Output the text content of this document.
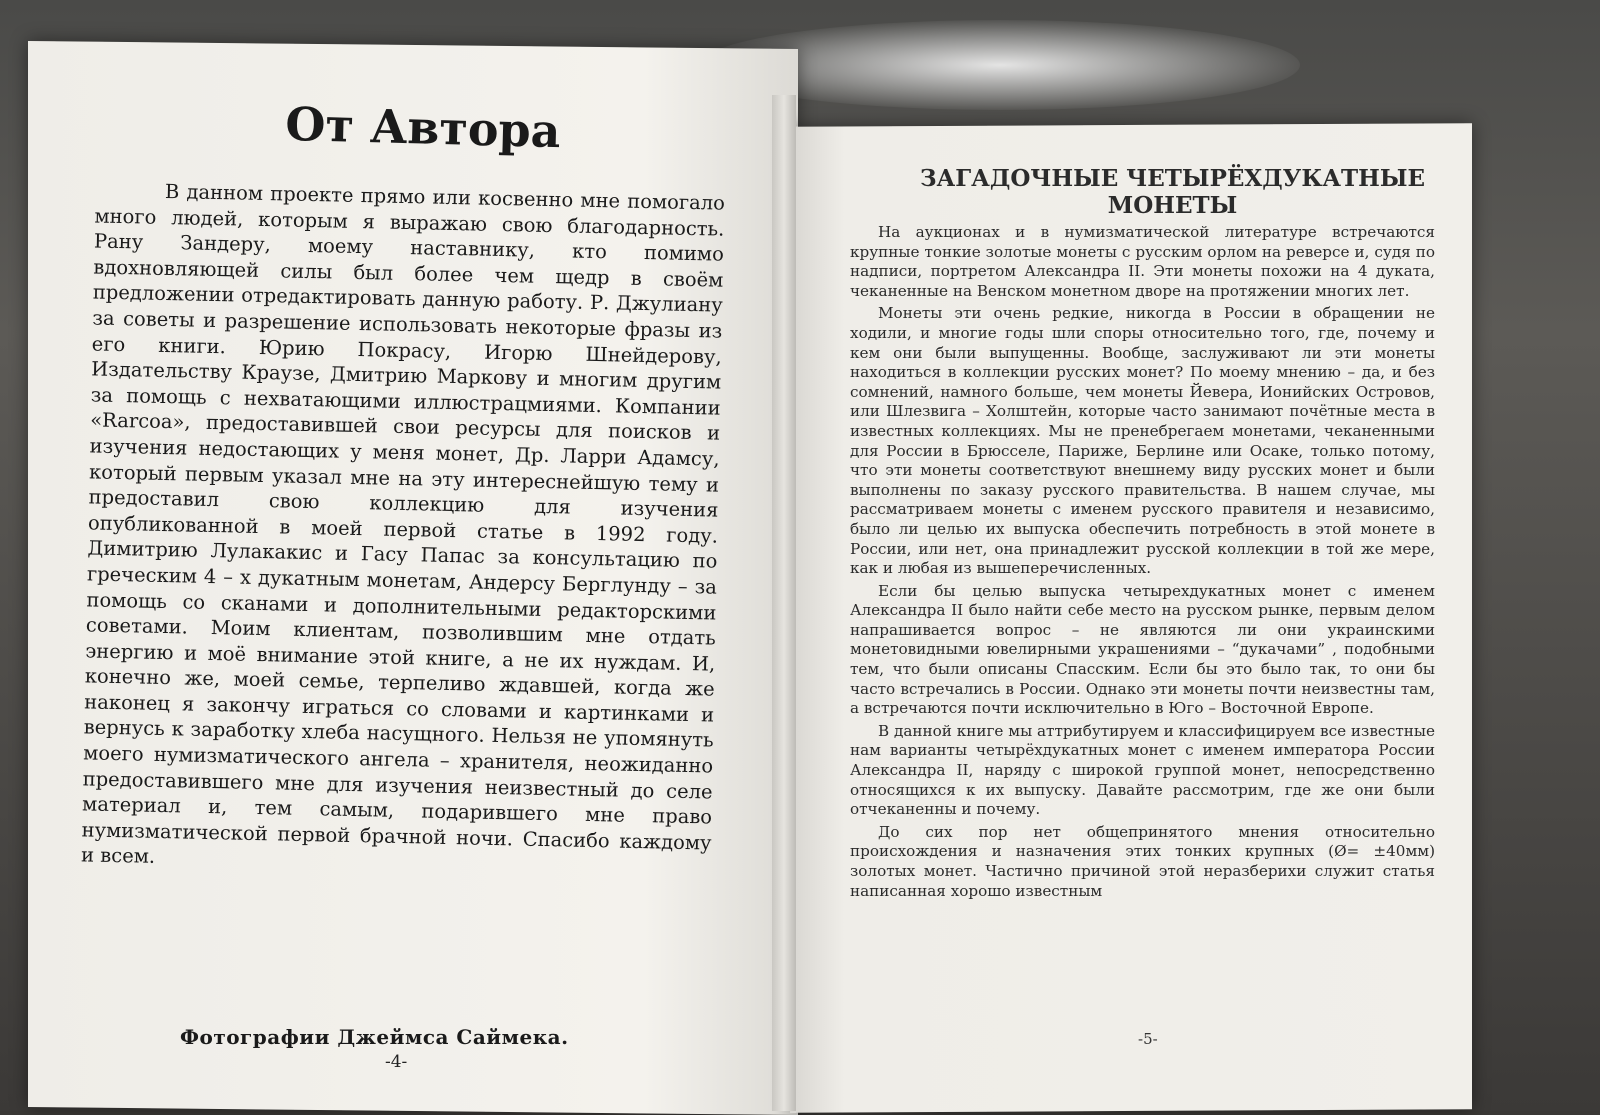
От Автора

В данном проекте прямо или косвенно мне помогало много людей, которым я выражаю свою благодарность. Рану Зандеру, моему наставнику, кто помимо вдохновляющей силы был более чем щедр в своём предложении отредактировать данную работу. Р. Джулиану за советы и разрешение использовать некоторые фразы из его книги. Юрию Покрасу, Игорю Шнейдерову, Издательству Краузе, Дмитрию Маркову и многим другим за помощь с нехватающими иллюстрацмиями. Компании «Rarcoa», предоставившей свои ресурсы для поисков и изучения недостающих у меня монет, Др. Ларри Адамсу, который первым указал мне на эту интереснейшую тему и предоставил свою коллекцию для изучения опубликованной в моей первой статье в 1992 году. Димитрию Лулакакис и Гасу Папас за консультацию по греческим 4 – х дукатным монетам, Андерсу Берглунду – за помощь со сканами и дополнительными редакторскими советами. Моим клиентам, позволившим мне отдать энергию и моё внимание этой книге, а не их нуждам. И, конечно же, моей семье, терпеливо ждавшей, когда же наконец я закончу играться со словами и картинками и вернусь к заработку хлеба насущного. Нельзя не упомянуть моего нумизматического ангела – хранителя, неожиданно предоставившего мне для изучения неизвестный до селе материал и, тем самым, подарившего мне право нумизматической первой брачной ночи. Спасибо каждому и всем.

Фотографии Джеймса Саймека.
-4-
ЗАГАДОЧНЫЕ ЧЕТЫРЁХДУКАТНЫЕ МОНЕТЫ

На аукционах и в нумизматической литературе встречаются крупные тонкие золотые монеты с русским орлом на реверсе и, судя по надписи, портретом Александра II. Эти монеты похожи на 4 дуката, чеканенные на Венском монетном дворе на протяжении многих лет.

Монеты эти очень редкие, никогда в России в обращении не ходили, и многие годы шли споры относительно того, где, почему и кем они были выпущенны. Вообще, заслуживают ли эти монеты находиться в коллекции русских монет? По моему мнению – да, и без сомнений, намного больше, чем монеты Йевера, Ионийских Островов, или Шлезвига – Холштейн, которые часто занимают почётные места в известных коллекциях. Мы не пренебрегаем монетами, чеканенными для России в Брюсселе, Париже, Берлине или Осаке, только потому, что эти монеты соответствуют внешнему виду русских монет и были выполнены по заказу русского правительства. В нашем случае, мы рассматриваем монеты с именем русского правителя и независимо, было ли целью их выпуска обеспечить потребность в этой монете в России, или нет, она принадлежит русской коллекции в той же мере, как и любая из вышеперечисленных.

Если бы целью выпуска четырехдукатных монет с именем Александра II было найти себе место на русском рынке, первым делом напрашивается вопрос – не являются ли они украинскими монетовидными ювелирными украшениями – “дукачами” , подобными тем, что были описаны Спасским. Если бы это было так, то они бы часто встречались в России. Однако эти монеты почти неизвестны там, а встречаются почти исключительно в Юго – Восточной Европе.

В данной книге мы аттрибутируем и классифицируем все известные нам варианты четырёхдукатных монет с именем императора России Александра II, наряду с широкой группой монет, непосредственно относящихся к их выпуску. Давайте рассмотрим, где же они были отчеканенны и почему.

До сих пор нет общепринятого мнения относительно происхождения и назначения этих тонких крупных (Ø= ±40мм) золотых монет. Частично причиной этой неразберихи служит статья написанная хорошо известным

-5-
